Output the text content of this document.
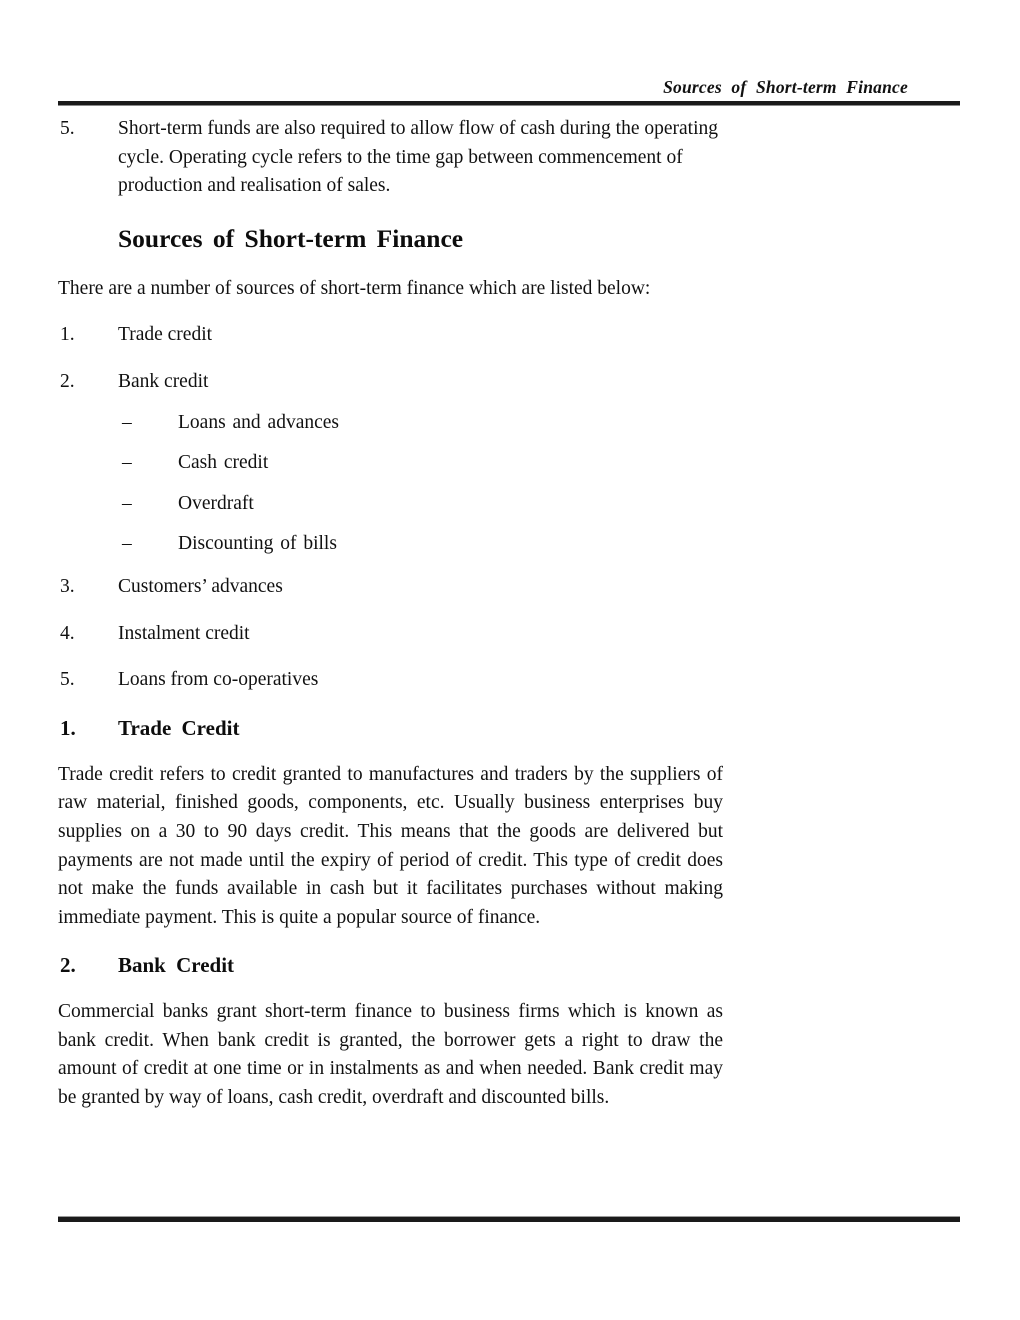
Sources of Short-term Finance
5.	Short-term funds are also required to allow flow of cash during the operating cycle. Operating cycle refers to the time gap between commencement of production and realisation of sales.
Sources of Short-term Finance

There are a number of sources of short-term finance which are listed below:

1. Trade credit
2. Bank credit
– Loans and advances
– Cash credit
– Overdraft
– Discounting of bills
3. Customers’ advances
4. Instalment credit
5. Loans from co-operatives
1. Trade Credit

Trade credit refers to credit granted to manufactures and traders by the suppliers of raw material, finished goods, components, etc. Usually business enterprises buy supplies on a 30 to 90 days credit. This means that the goods are delivered but payments are not made until the expiry of period of credit. This type of credit does not make the funds available in cash but it facilitates purchases without making immediate payment. This is quite a popular source of finance.

2. Bank Credit

Commercial banks grant short-term finance to business firms which is known as bank credit. When bank credit is granted, the borrower gets a right to draw the amount of credit at one time or in instalments as and when needed. Bank credit may be granted by way of loans, cash credit, overdraft and discounted bills.
